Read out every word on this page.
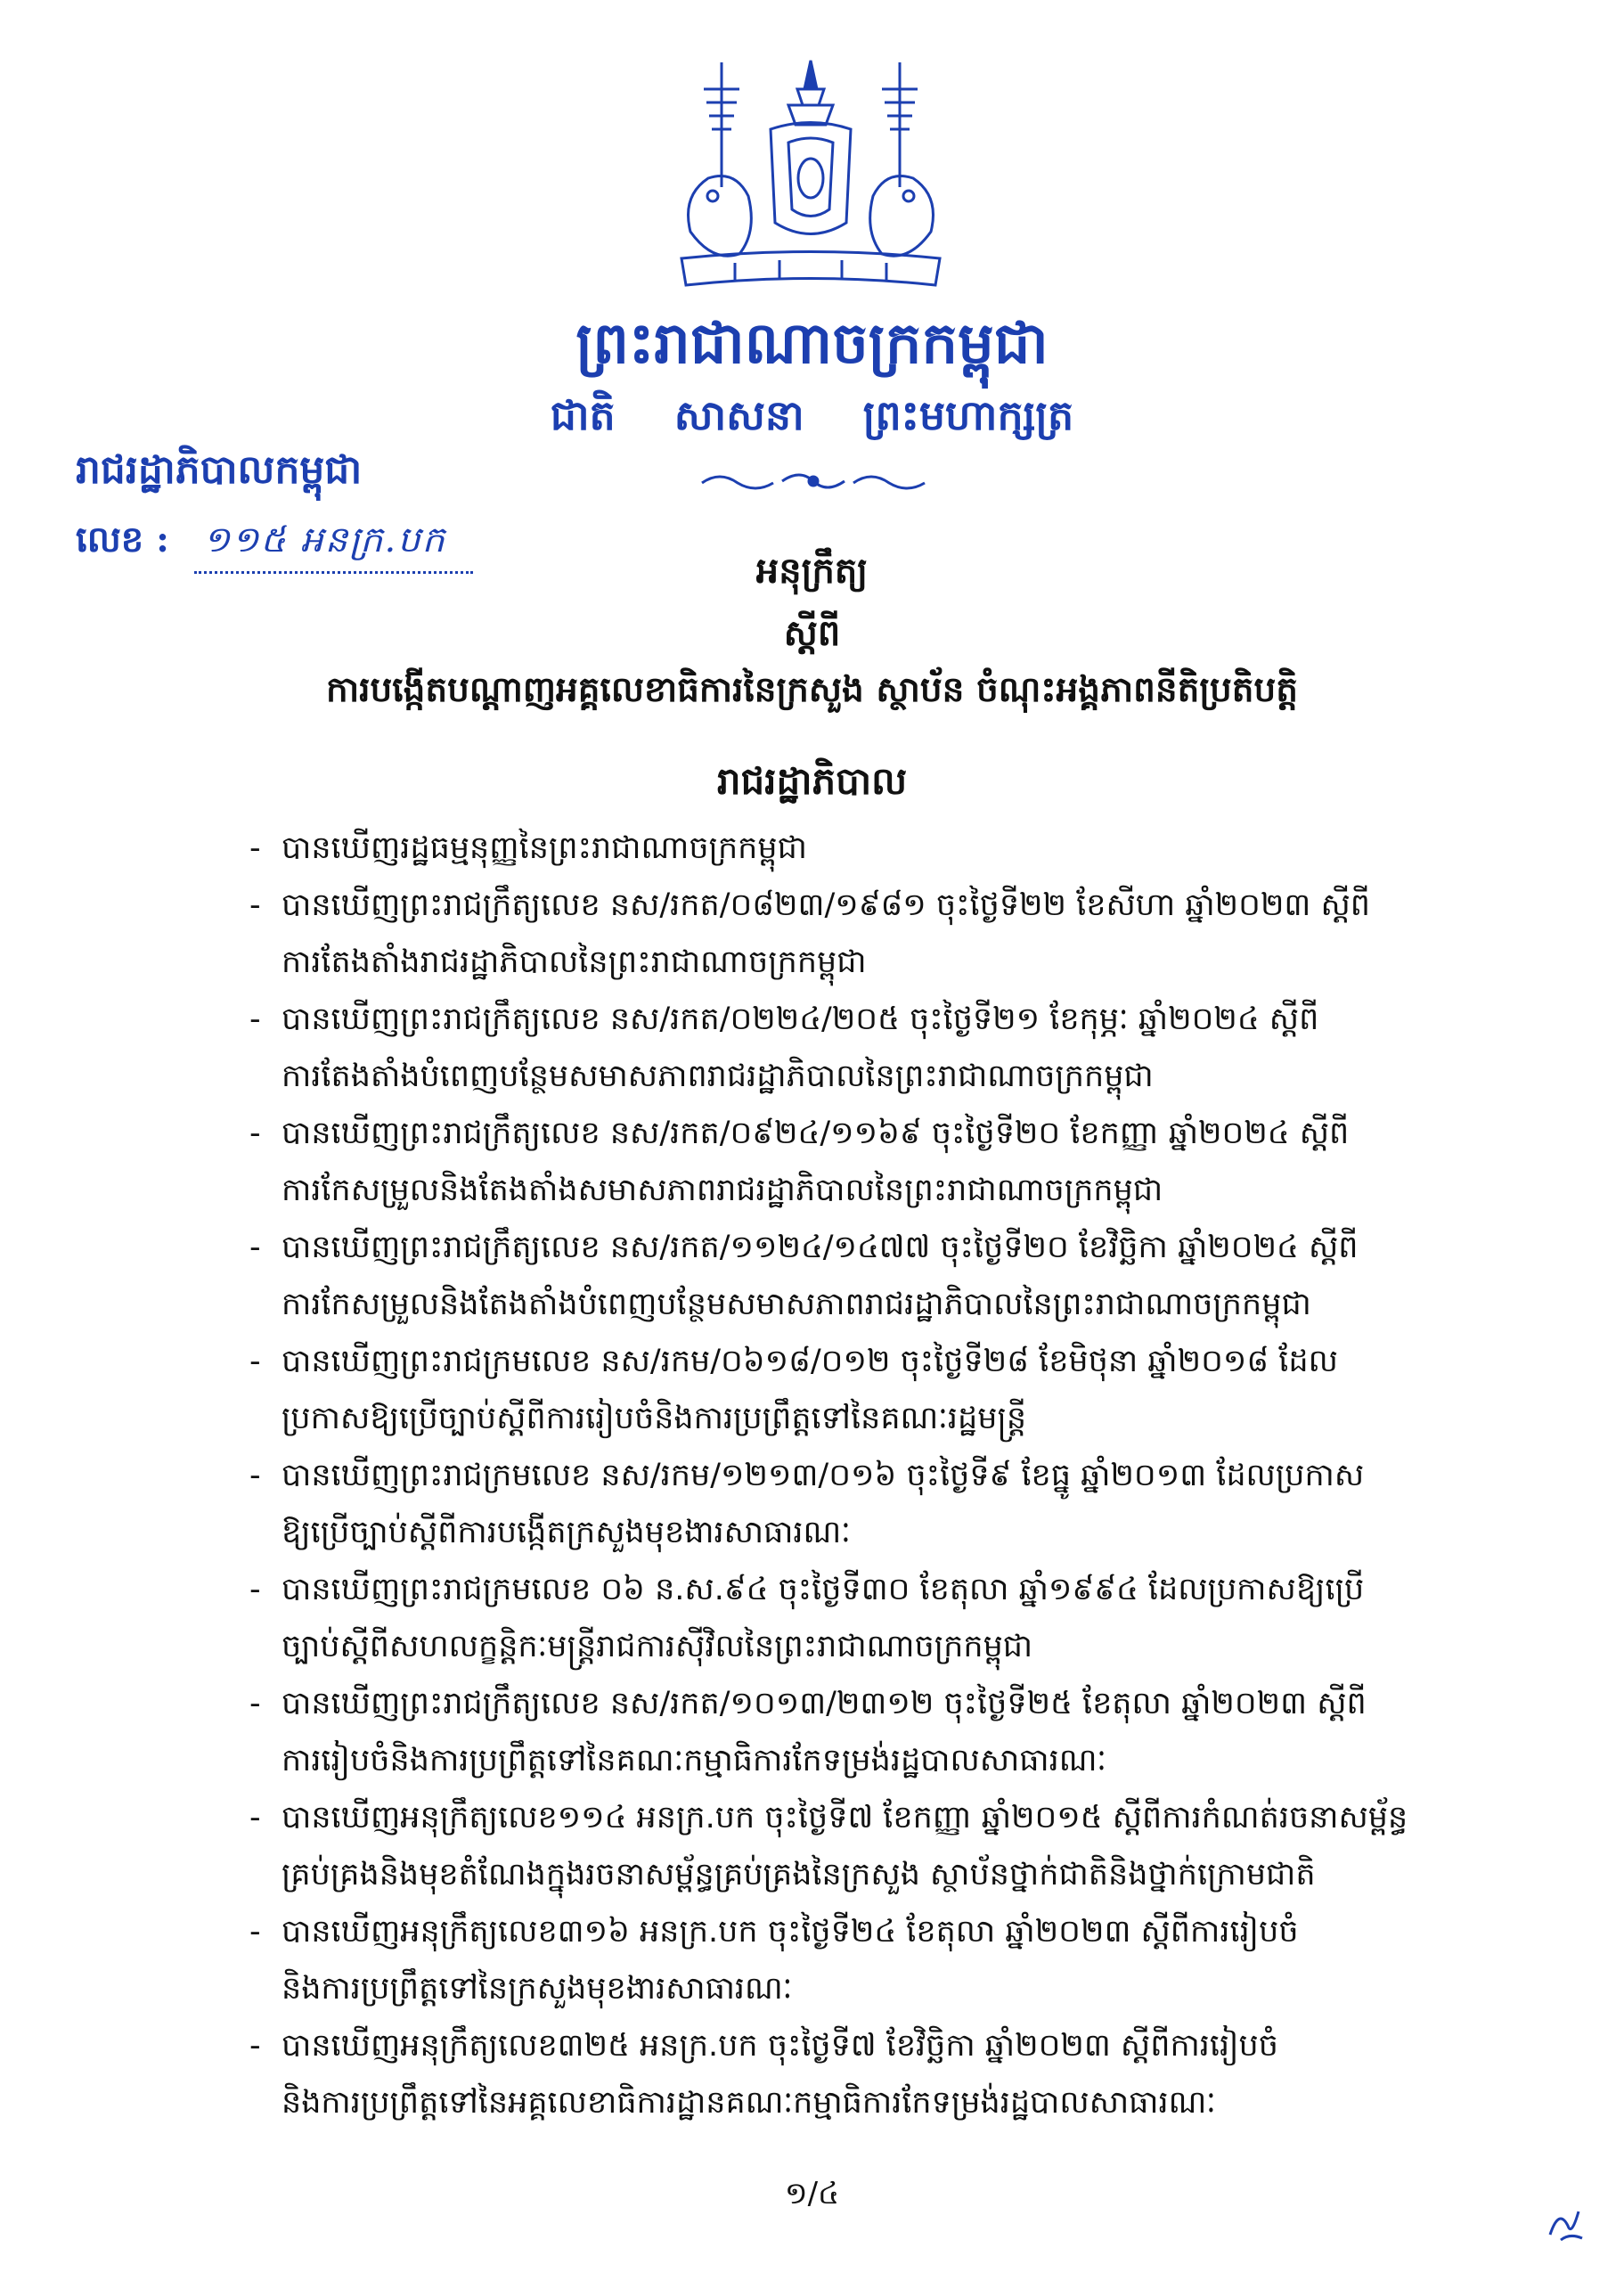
ព្រះរាជាណាចក្រកម្ពុជា
ជាតិ សាសនា ព្រះមហាក្សត្រ
រាជរដ្ឋាភិបាលកម្ពុជា
លេខ : ១១៥ អនក្រ.បក
អនុក្រឹត្យ
ស្ដីពី
ការបង្កើតបណ្ដាញអគ្គលេខាធិការនៃក្រសួង ស្ថាប័ន ចំណុះអង្គភាពនីតិប្រតិបត្តិ
រាជរដ្ឋាភិបាល
- បានឃើញរដ្ឋធម្មនុញ្ញនៃព្រះរាជាណាចក្រកម្ពុជា
- បានឃើញព្រះរាជក្រឹត្យលេខ នស/រកត/០៨២៣/១៩៨១ ចុះថ្ងៃទី២២ ខែសីហា ឆ្នាំ២០២៣ ស្ដីពី
ការតែងតាំងរាជរដ្ឋាភិបាលនៃព្រះរាជាណាចក្រកម្ពុជា
- បានឃើញព្រះរាជក្រឹត្យលេខ នស/រកត/០២២៤/២០៥ ចុះថ្ងៃទី២១ ខែកុម្ភៈ ឆ្នាំ២០២៤ ស្ដីពី
ការតែងតាំងបំពេញបន្ថែមសមាសភាពរាជរដ្ឋាភិបាលនៃព្រះរាជាណាចក្រកម្ពុជា
- បានឃើញព្រះរាជក្រឹត្យលេខ នស/រកត/០៩២៤/១១៦៩ ចុះថ្ងៃទី២០ ខែកញ្ញា ឆ្នាំ២០២៤ ស្ដីពី
ការកែសម្រួលនិងតែងតាំងសមាសភាពរាជរដ្ឋាភិបាលនៃព្រះរាជាណាចក្រកម្ពុជា
- បានឃើញព្រះរាជក្រឹត្យលេខ នស/រកត/១១២៤/១៤៧៧ ចុះថ្ងៃទី២០ ខែវិច្ឆិកា ឆ្នាំ២០២៤ ស្ដីពី
ការកែសម្រួលនិងតែងតាំងបំពេញបន្ថែមសមាសភាពរាជរដ្ឋាភិបាលនៃព្រះរាជាណាចក្រកម្ពុជា
- បានឃើញព្រះរាជក្រមលេខ នស/រកម/០៦១៨/០១២ ចុះថ្ងៃទី២៨ ខែមិថុនា ឆ្នាំ២០១៨ ដែល
ប្រកាសឱ្យប្រើច្បាប់ស្ដីពីការរៀបចំនិងការប្រព្រឹត្តទៅនៃគណៈរដ្ឋមន្ត្រី
- បានឃើញព្រះរាជក្រមលេខ នស/រកម/១២១៣/០១៦ ចុះថ្ងៃទី៩ ខែធ្នូ ឆ្នាំ២០១៣ ដែលប្រកាស
ឱ្យប្រើច្បាប់ស្ដីពីការបង្កើតក្រសួងមុខងារសាធារណៈ
- បានឃើញព្រះរាជក្រមលេខ ០៦ ន.ស.៩៤ ចុះថ្ងៃទី៣០ ខែតុលា ឆ្នាំ១៩៩៤ ដែលប្រកាសឱ្យប្រើ
ច្បាប់ស្ដីពីសហលក្ខន្តិកៈមន្ត្រីរាជការស៊ីវិលនៃព្រះរាជាណាចក្រកម្ពុជា
- បានឃើញព្រះរាជក្រឹត្យលេខ នស/រកត/១០១៣/២៣១២ ចុះថ្ងៃទី២៥ ខែតុលា ឆ្នាំ២០២៣ ស្ដីពី
ការរៀបចំនិងការប្រព្រឹត្តទៅនៃគណៈកម្មាធិការកែទម្រង់រដ្ឋបាលសាធារណៈ
- បានឃើញអនុក្រឹត្យលេខ១១៤ អនក្រ.បក ចុះថ្ងៃទី៧ ខែកញ្ញា ឆ្នាំ២០១៥ ស្ដីពីការកំណត់រចនាសម្ព័ន្ធ
គ្រប់គ្រងនិងមុខតំណែងក្នុងរចនាសម្ព័ន្ធគ្រប់គ្រងនៃក្រសួង ស្ថាប័នថ្នាក់ជាតិនិងថ្នាក់ក្រោមជាតិ
- បានឃើញអនុក្រឹត្យលេខ៣១៦ អនក្រ.បក ចុះថ្ងៃទី២៤ ខែតុលា ឆ្នាំ២០២៣ ស្ដីពីការរៀបចំ
និងការប្រព្រឹត្តទៅនៃក្រសួងមុខងារសាធារណៈ
- បានឃើញអនុក្រឹត្យលេខ៣២៥ អនក្រ.បក ចុះថ្ងៃទី៧ ខែវិច្ឆិកា ឆ្នាំ២០២៣ ស្ដីពីការរៀបចំ
និងការប្រព្រឹត្តទៅនៃអគ្គលេខាធិការដ្ឋានគណៈកម្មាធិការកែទម្រង់រដ្ឋបាលសាធារណៈ
១/៤
